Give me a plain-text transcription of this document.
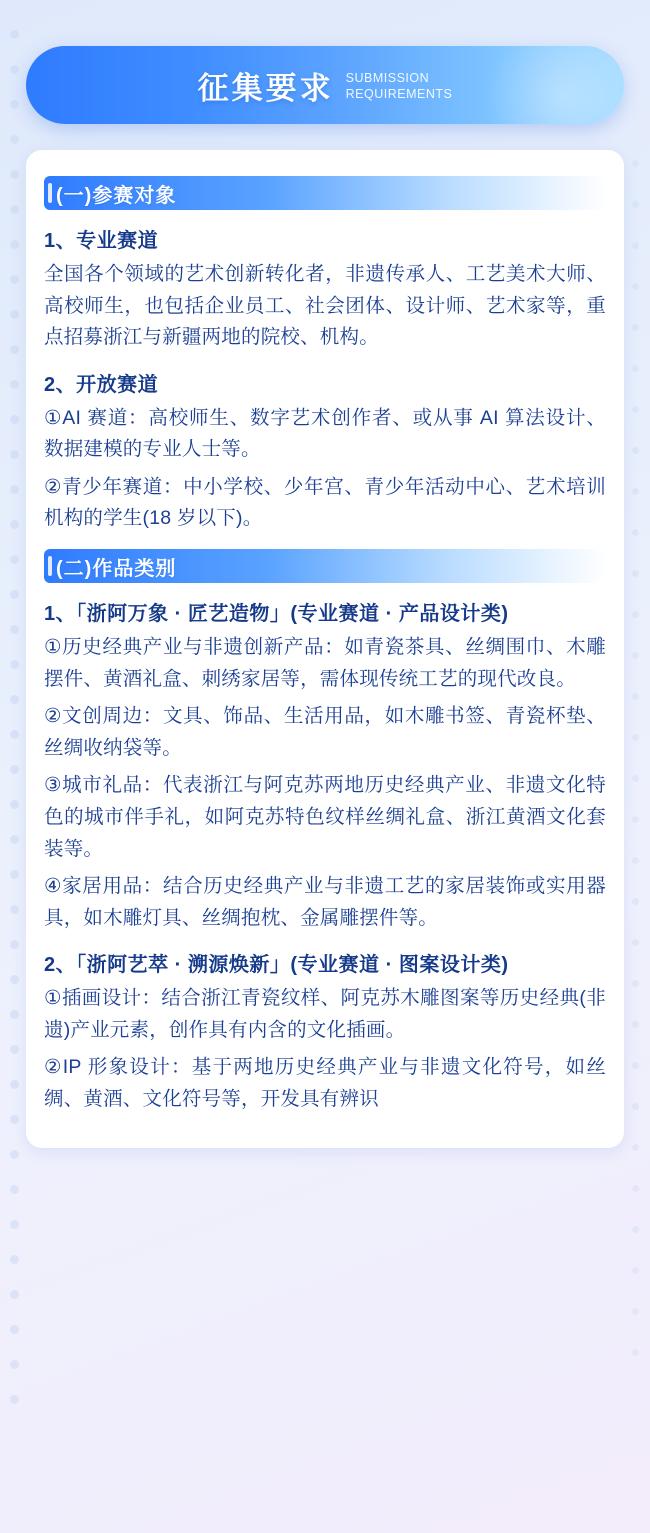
征集要求 SUBMISSION
REQUIREMENTS
(一)参赛对象
1、专业赛道

全国各个领域的艺术创新转化者，非遗传承人、工艺美术大师、高校师生，也包括企业员工、社会团体、设计师、艺术家等，重点招募浙江与新疆两地的院校、机构。

2、开放赛道

①AI 赛道：高校师生、数字艺术创作者、或从事 AI 算法设计、数据建模的专业人士等。

②青少年赛道：中小学校、少年宫、青少年活动中心、艺术培训机构的学生(18 岁以下)。

(二)作品类别
1、「浙阿万象 · 匠艺造物」(专业赛道 · 产品设计类)

①历史经典产业与非遗创新产品：如青瓷茶具、丝绸围巾、木雕摆件、黄酒礼盒、刺绣家居等，需体现传统工艺的现代改良。

②文创周边：文具、饰品、生活用品，如木雕书签、青瓷杯垫、丝绸收纳袋等。

③城市礼品：代表浙江与阿克苏两地历史经典产业、非遗文化特色的城市伴手礼，如阿克苏特色纹样丝绸礼盒、浙江黄酒文化套装等。

④家居用品：结合历史经典产业与非遗工艺的家居装饰或实用器具，如木雕灯具、丝绸抱枕、金属雕摆件等。

2、「浙阿艺萃 · 溯源焕新」(专业赛道 · 图案设计类)

①插画设计：结合浙江青瓷纹样、阿克苏木雕图案等历史经典(非遗)产业元素，创作具有内含的文化插画。

②IP 形象设计：基于两地历史经典产业与非遗文化符号，如丝绸、黄酒、文化符号等，开发具有辨识
